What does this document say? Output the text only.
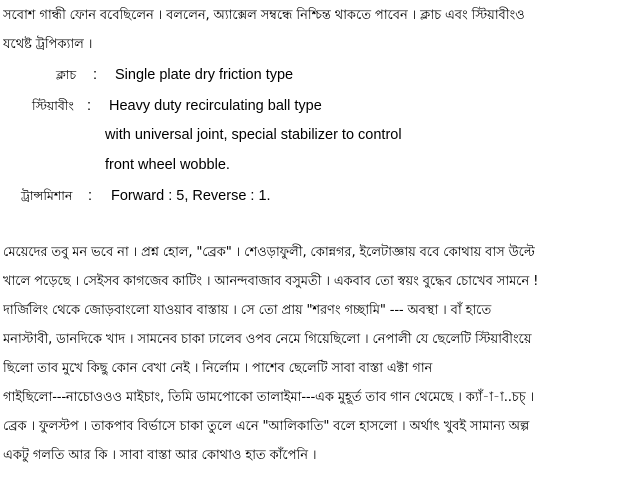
সবোশ গান্ধী ফোন ববেছিলেন । বললেন, অ্যাক্সেল সম্বন্ধে নিশ্চিন্ত থাকতে পাবেন । ক্লাচ এবং স্টিয়াবীংও
যথেষ্ট ট্রপিক্যাল ।
ক্লাচ : Single plate dry friction type
স্টিয়াবীং : Heavy duty recirculating ball type
with universal joint, special stabilizer to control
front wheel wobble.
ট্রান্সমিশান : Forward : 5, Reverse : 1.
মেয়েদের তবু মন ভবে না । প্রশ্ন হোল, "ব্রেক" । শেওড়াফুলী, কোন্নগর, ইলেটাজ্ঞায় ববে কোথায় বাস উল্টে
খালে পড়েছে । সেইসব কাগজেব কাটিং । আনন্দবাজাব বসুমতী । একবাব তো স্বয়ং বুদ্ধেব চোখেব সামনে !
দার্জিলিং থেকে জোড়বাংলো যাওয়াব বাস্তায় । সে তো প্রায় "শরণং গচ্ছামি" --- অবস্থা । বাঁ হাতে
মনাস্টাবী, ডানদিকে খাদ । সামনেব চাকা ঢালেব ওপব নেমে গিয়েছিলো । নেপালী যে ছেলেটি স্টিয়াবীংয়ে
ছিলো তাব মুখে কিছু কোন বেখা নেই । নির্লোম । পাশেব ছেলেটি সাবা বাস্তা এক্টা গান
গাইছিলো---নাচোওওও মাইচাং, তিমি ডামপোকো তালাইমা---এক মুহূর্ত তাব গান থেমেছে । ক্যাঁ-া-া..চচ্ ।
ব্রেক । ফুলস্টপ । তাকপাব বির্ভাসে চাকা তুলে এনে "আলিকাতি" বলে হাসলো । অর্থাৎ খুবই সামান্য অল্প
একটু গলতি আর কি । সাবা বাস্তা আর কোথাও হাত কাঁপেনি ।
